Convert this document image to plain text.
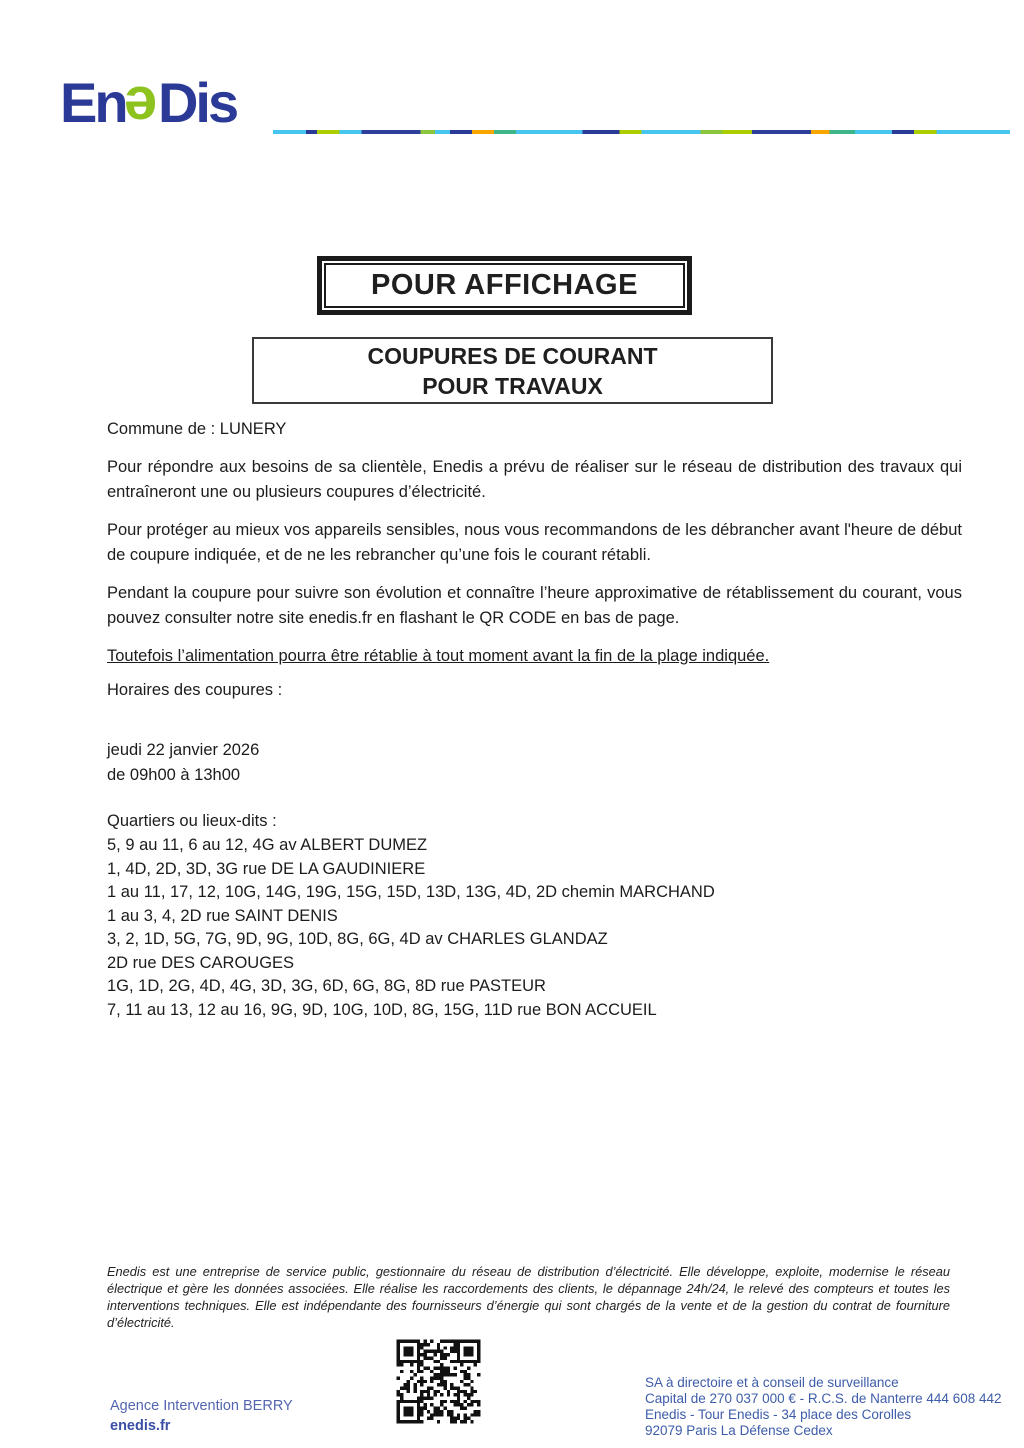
EneDis
POUR AFFICHAGE
COUPURES DE COURANT
POUR TRAVAUX

Commune de : LUNERY

Pour répondre aux besoins de sa clientèle, Enedis a prévu de réaliser sur le réseau de distribution des travaux qui entraîneront une ou plusieurs coupures d’électricité.

Pour protéger au mieux vos appareils sensibles, nous vous recommandons de les débrancher avant l'heure de début de coupure indiquée, et de ne les rebrancher qu’une fois le courant rétabli.

Pendant la coupure pour suivre son évolution et connaître l’heure approximative de rétablissement du courant, vous pouvez consulter notre site enedis.fr en flashant le QR CODE en bas de page.

Toutefois l’alimentation pourra être rétablie à tout moment avant la fin de la plage indiquée.

Horaires des coupures :

jeudi 22 janvier 2026
de 09h00 à 13h00

Quartiers ou lieux-dits :

5, 9 au 11, 6 au 12, 4G av ALBERT DUMEZ
1, 4D, 2D, 3D, 3G rue DE LA GAUDINIERE
1 au 11, 17, 12, 10G, 14G, 19G, 15G, 15D, 13D, 13G, 4D, 2D chemin MARCHAND
1 au 3, 4, 2D rue SAINT DENIS
3, 2, 1D, 5G, 7G, 9D, 9G, 10D, 8G, 6G, 4D av CHARLES GLANDAZ
2D rue DES CAROUGES
1G, 1D, 2G, 4D, 4G, 3D, 3G, 6D, 6G, 8G, 8D rue PASTEUR
7, 11 au 13, 12 au 16, 9G, 9D, 10G, 10D, 8G, 15G, 11D rue BON ACCUEIL

Enedis est une entreprise de service public, gestionnaire du réseau de distribution d’électricité. Elle développe, exploite, modernise le réseau électrique et gère les données associées. Elle réalise les raccordements des clients, le dépannage 24h/24, le relevé des compteurs et toutes les interventions techniques. Elle est indépendante des fournisseurs d’énergie qui sont chargés de la vente et de la gestion du contrat de fourniture d’électricité.

Agence Intervention BERRY
enedis.fr
SA à directoire et à conseil de surveillance
Capital de 270 037 000 € - R.C.S. de Nanterre 444 608 442
Enedis - Tour Enedis - 34 place des Corolles
92079 Paris La Défense Cedex
